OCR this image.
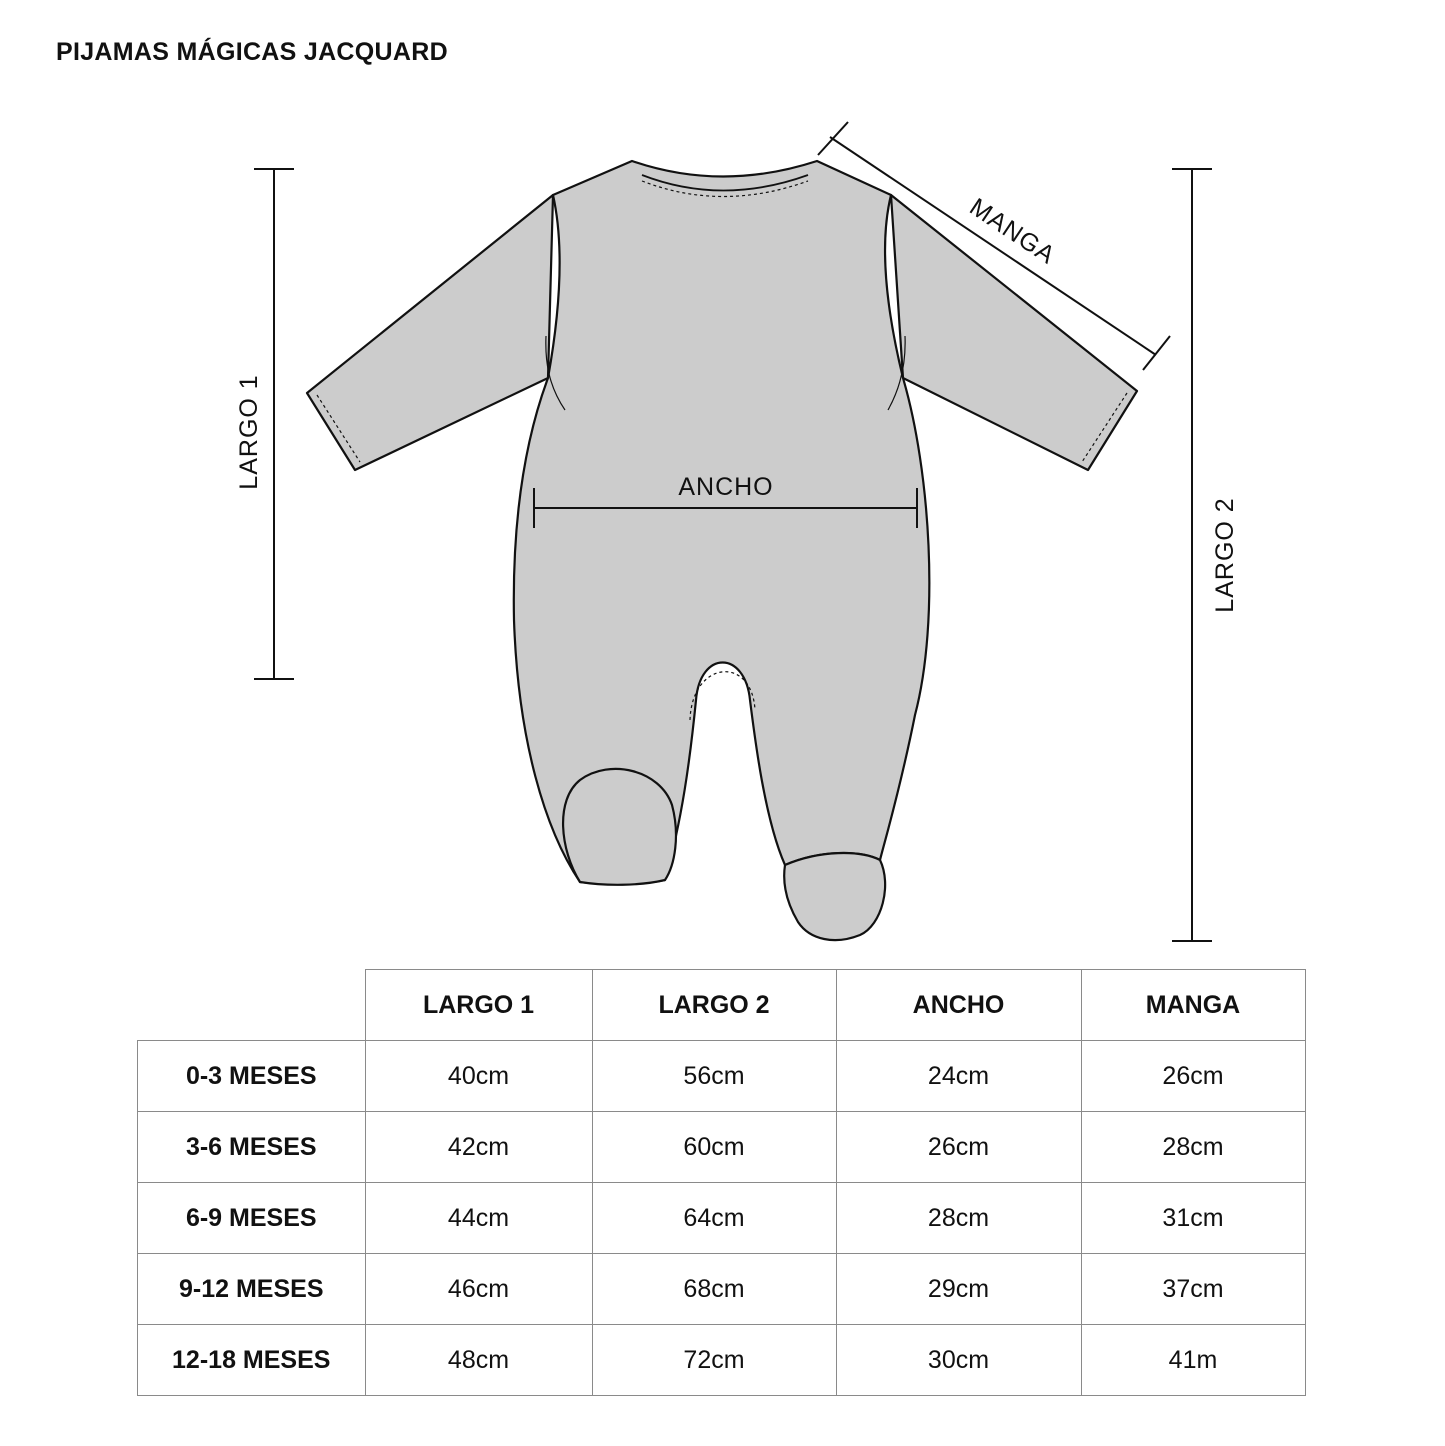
PIJAMAS MÁGICAS JACQUARD
LARGO 1
LARGO 2
ANCHO
MANGA
	LARGO 1	LARGO 2	ANCHO	MANGA
0-3 MESES	40cm	56cm	24cm	26cm
3-6 MESES	42cm	60cm	26cm	28cm
6-9 MESES	44cm	64cm	28cm	31cm
9-12 MESES	46cm	68cm	29cm	37cm
12-18 MESES	48cm	72cm	30cm	41m
